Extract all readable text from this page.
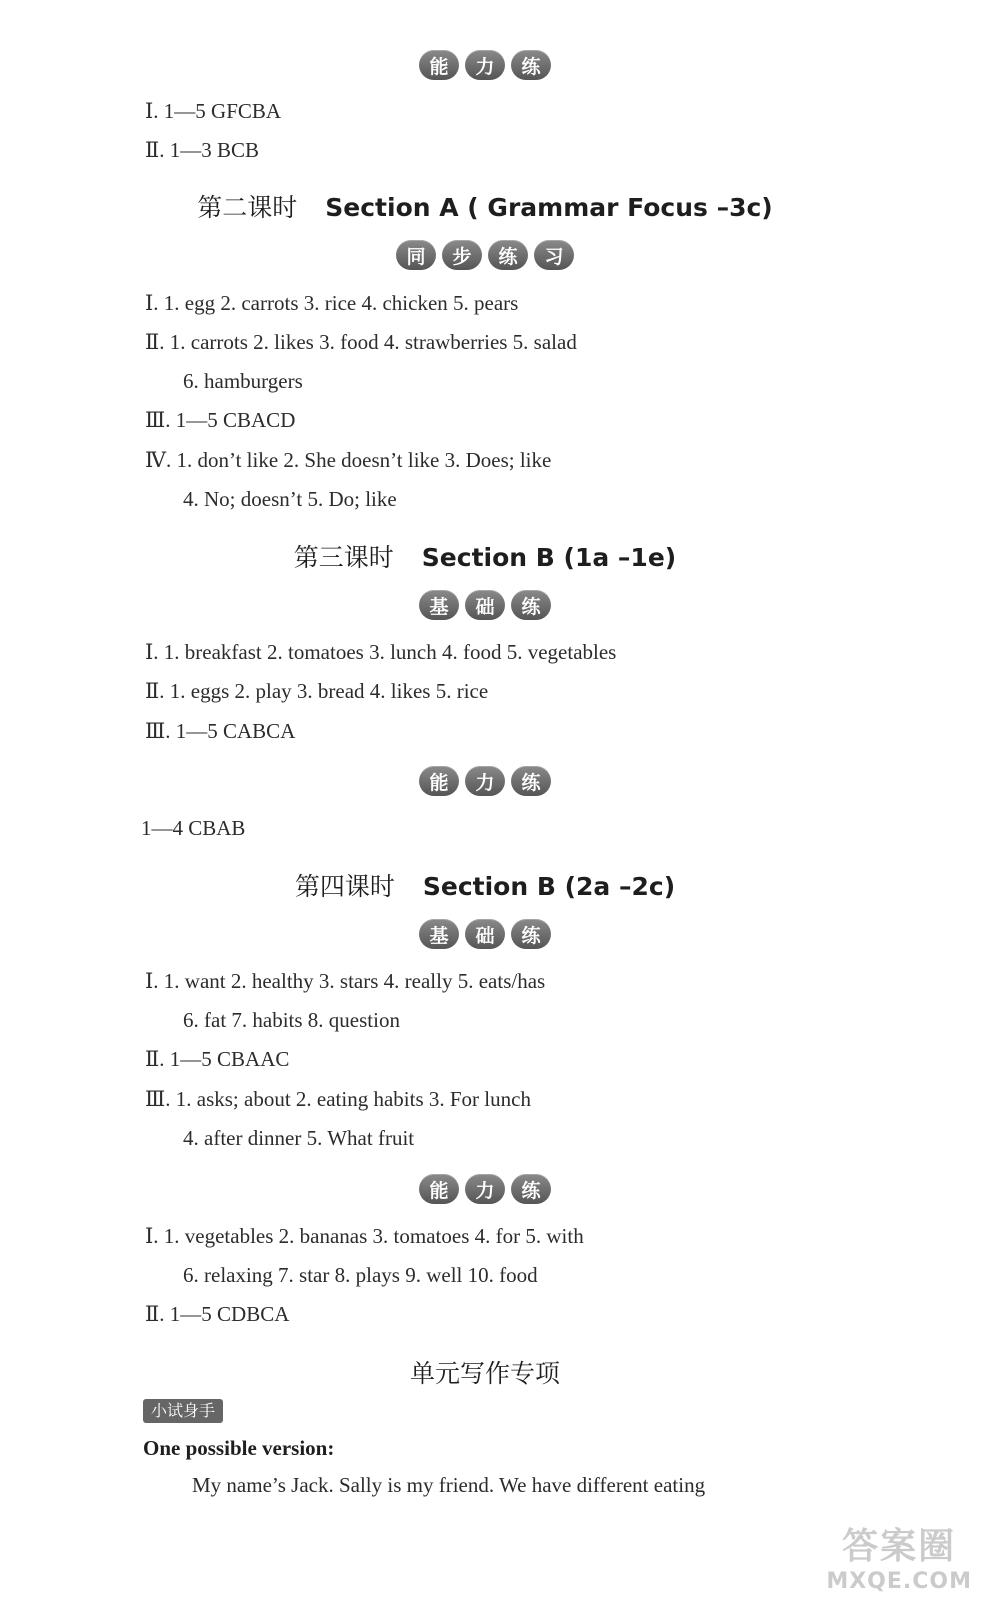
能	力	练
Ⅰ. 1—5 GFCBA
Ⅱ. 1—3 BCB
第二课时 Section A ( Grammar Focus –3c)
同	步	练	习
Ⅰ. 1. egg 2. carrots 3. rice 4. chicken 5. pears
Ⅱ. 1. carrots 2. likes 3. food 4. strawberries 5. salad
6. hamburgers
Ⅲ. 1—5 CBACD
Ⅳ. 1. don’t like 2. She doesn’t like 3. Does; like
4. No; doesn’t 5. Do; like
第三课时 Section B (1a –1e)
基	础	练
Ⅰ. 1. breakfast 2. tomatoes 3. lunch 4. food 5. vegetables
Ⅱ. 1. eggs 2. play 3. bread 4. likes 5. rice
Ⅲ. 1—5 CABCA
能	力	练
1—4 CBAB
第四课时 Section B (2a –2c)
基	础	练
Ⅰ. 1. want 2. healthy 3. stars 4. really 5. eats/has
6. fat 7. habits 8. question
Ⅱ. 1—5 CBAAC
Ⅲ. 1. asks; about 2. eating habits 3. For lunch
4. after dinner 5. What fruit
能	力	练
Ⅰ. 1. vegetables 2. bananas 3. tomatoes 4. for 5. with
6. relaxing 7. star 8. plays 9. well 10. food
Ⅱ. 1—5 CDBCA
单元写作专项
小试身手
One possible version:
My name’s Jack. Sally is my friend. We have different eating
答案圈
MXQE.COM
